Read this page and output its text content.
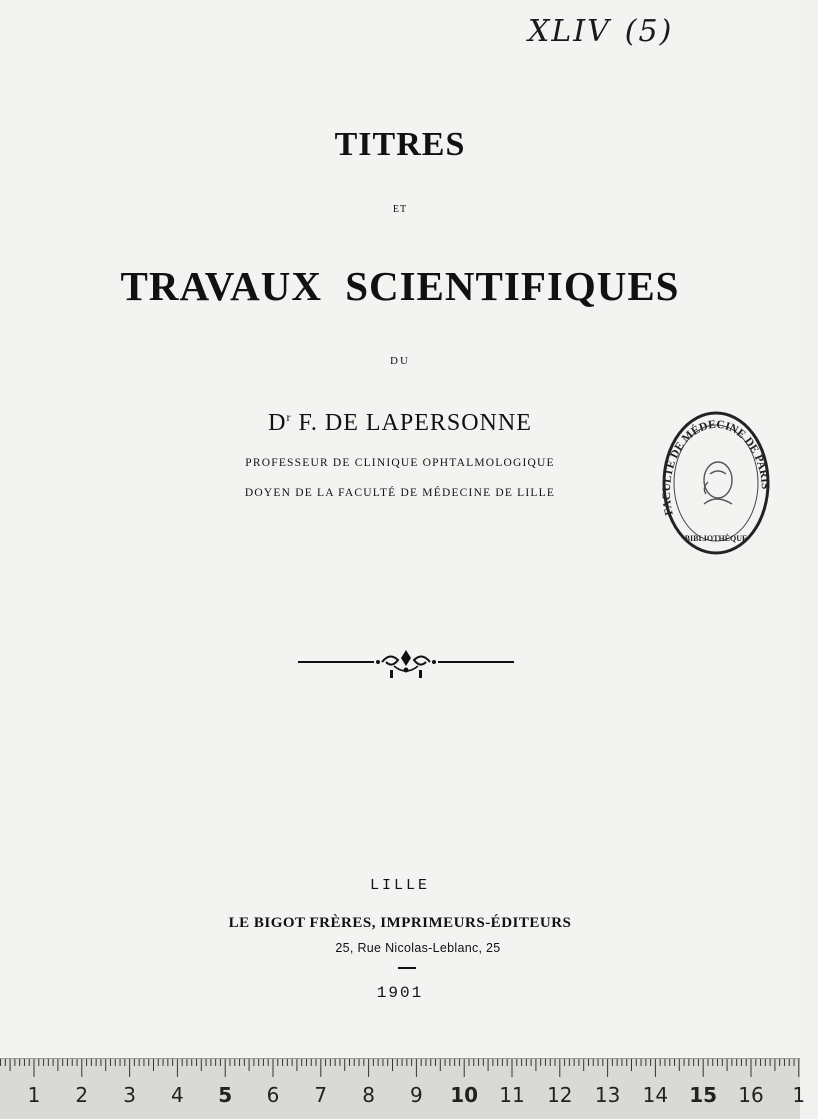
XLIV (5)
TITRES
ET
TRAVAUX SCIENTIFIQUES
DU
$D^r$ F. DE LAPERSONNE
PROFESSEUR DE CLINIQUE OPHTALMOLOGIQUE
DOYEN DE LA FACULTÉ DE MÉDECINE DE LILLE
FACULTÉ DE MÉDECINE DE PARIS
BIBLIOTHÈQUE
LILLE
LE BIGOT FRÈRES, IMPRIMEURS-ÉDITEURS
25, Rue Nicolas-Leblanc, 25
1901
1 2 3 4 5 6 7 8 9 10 11 12 13 14 15 16 1
